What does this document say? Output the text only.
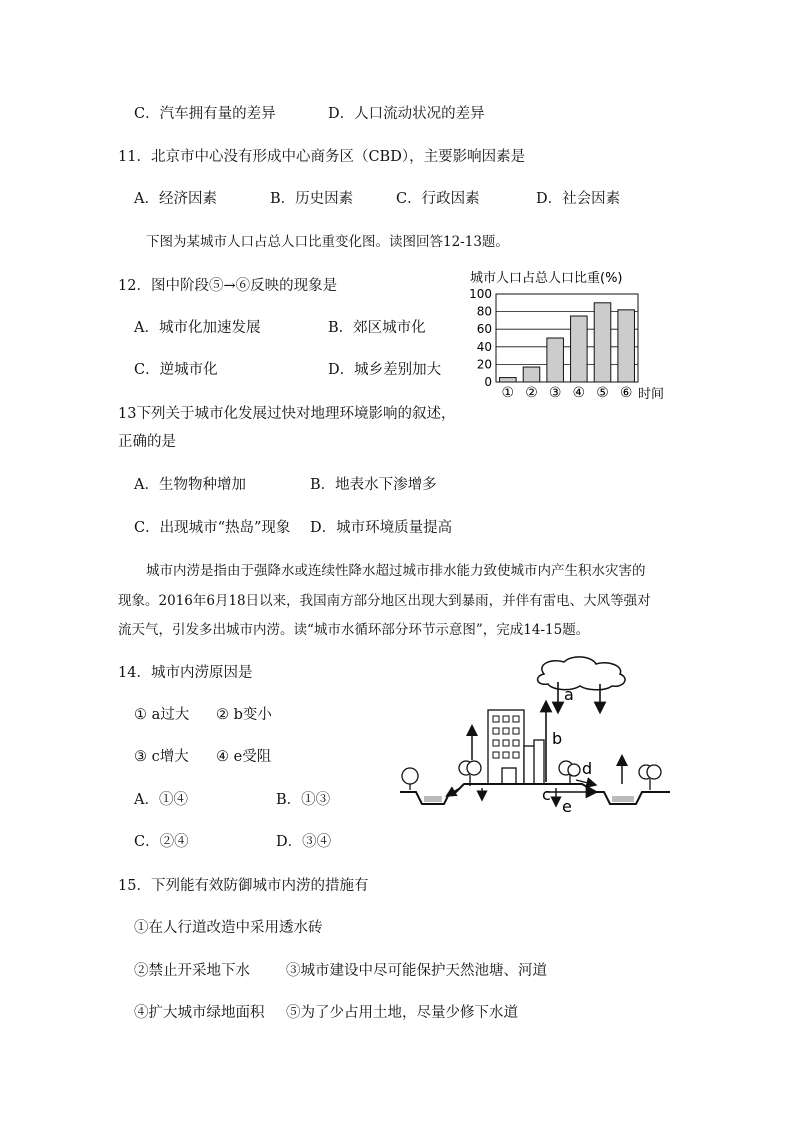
C．汽车拥有量的差异	D．人口流动状况的差异
11．北京市中心没有形成中心商务区（CBD），主要影响因素是
A．经济因素	B．历史因素	C．行政因素	D．社会因素
下图为某城市人口占总人口比重变化图。读图回答12-13题。
12．图中阶段⑤→⑥反映的现象是
A．城市化加速发展	B．郊区城市化
C．逆城市化	D．城乡差别加大
城市人口占总人口比重(%)
0
20
40
60
80
100
① ② ③ ④ ⑤ ⑥ 时间
13下列关于城市化发展过快对地理环境影响的叙述，
正确的是
A．生物物种增加	B．地表水下渗增多
C．出现城市“热岛”现象 D．城市环境质量提高
城市内涝是指由于强降水或连续性降水超过城市排水能力致使城市内产生积水灾害的
现象。2016年6月18日以来，我国南方部分地区出现大到暴雨，并伴有雷电、大风等强对
流天气，引发多出城市内涝。读“城市水循环部分环节示意图”，完成14-15题。
14．城市内涝原因是
① a过大 ② b变小
③ c增大 ④ e受阻
A．①④	B．①③
C．②④	D．③④
a
b
d
c
e
15．下列能有效防御城市内涝的措施有
①在人行道改造中采用透水砖
②禁止开采地下水 ③城市建设中尽可能保护天然池塘、河道
④扩大城市绿地面积 ⑤为了少占用土地，尽量少修下水道
